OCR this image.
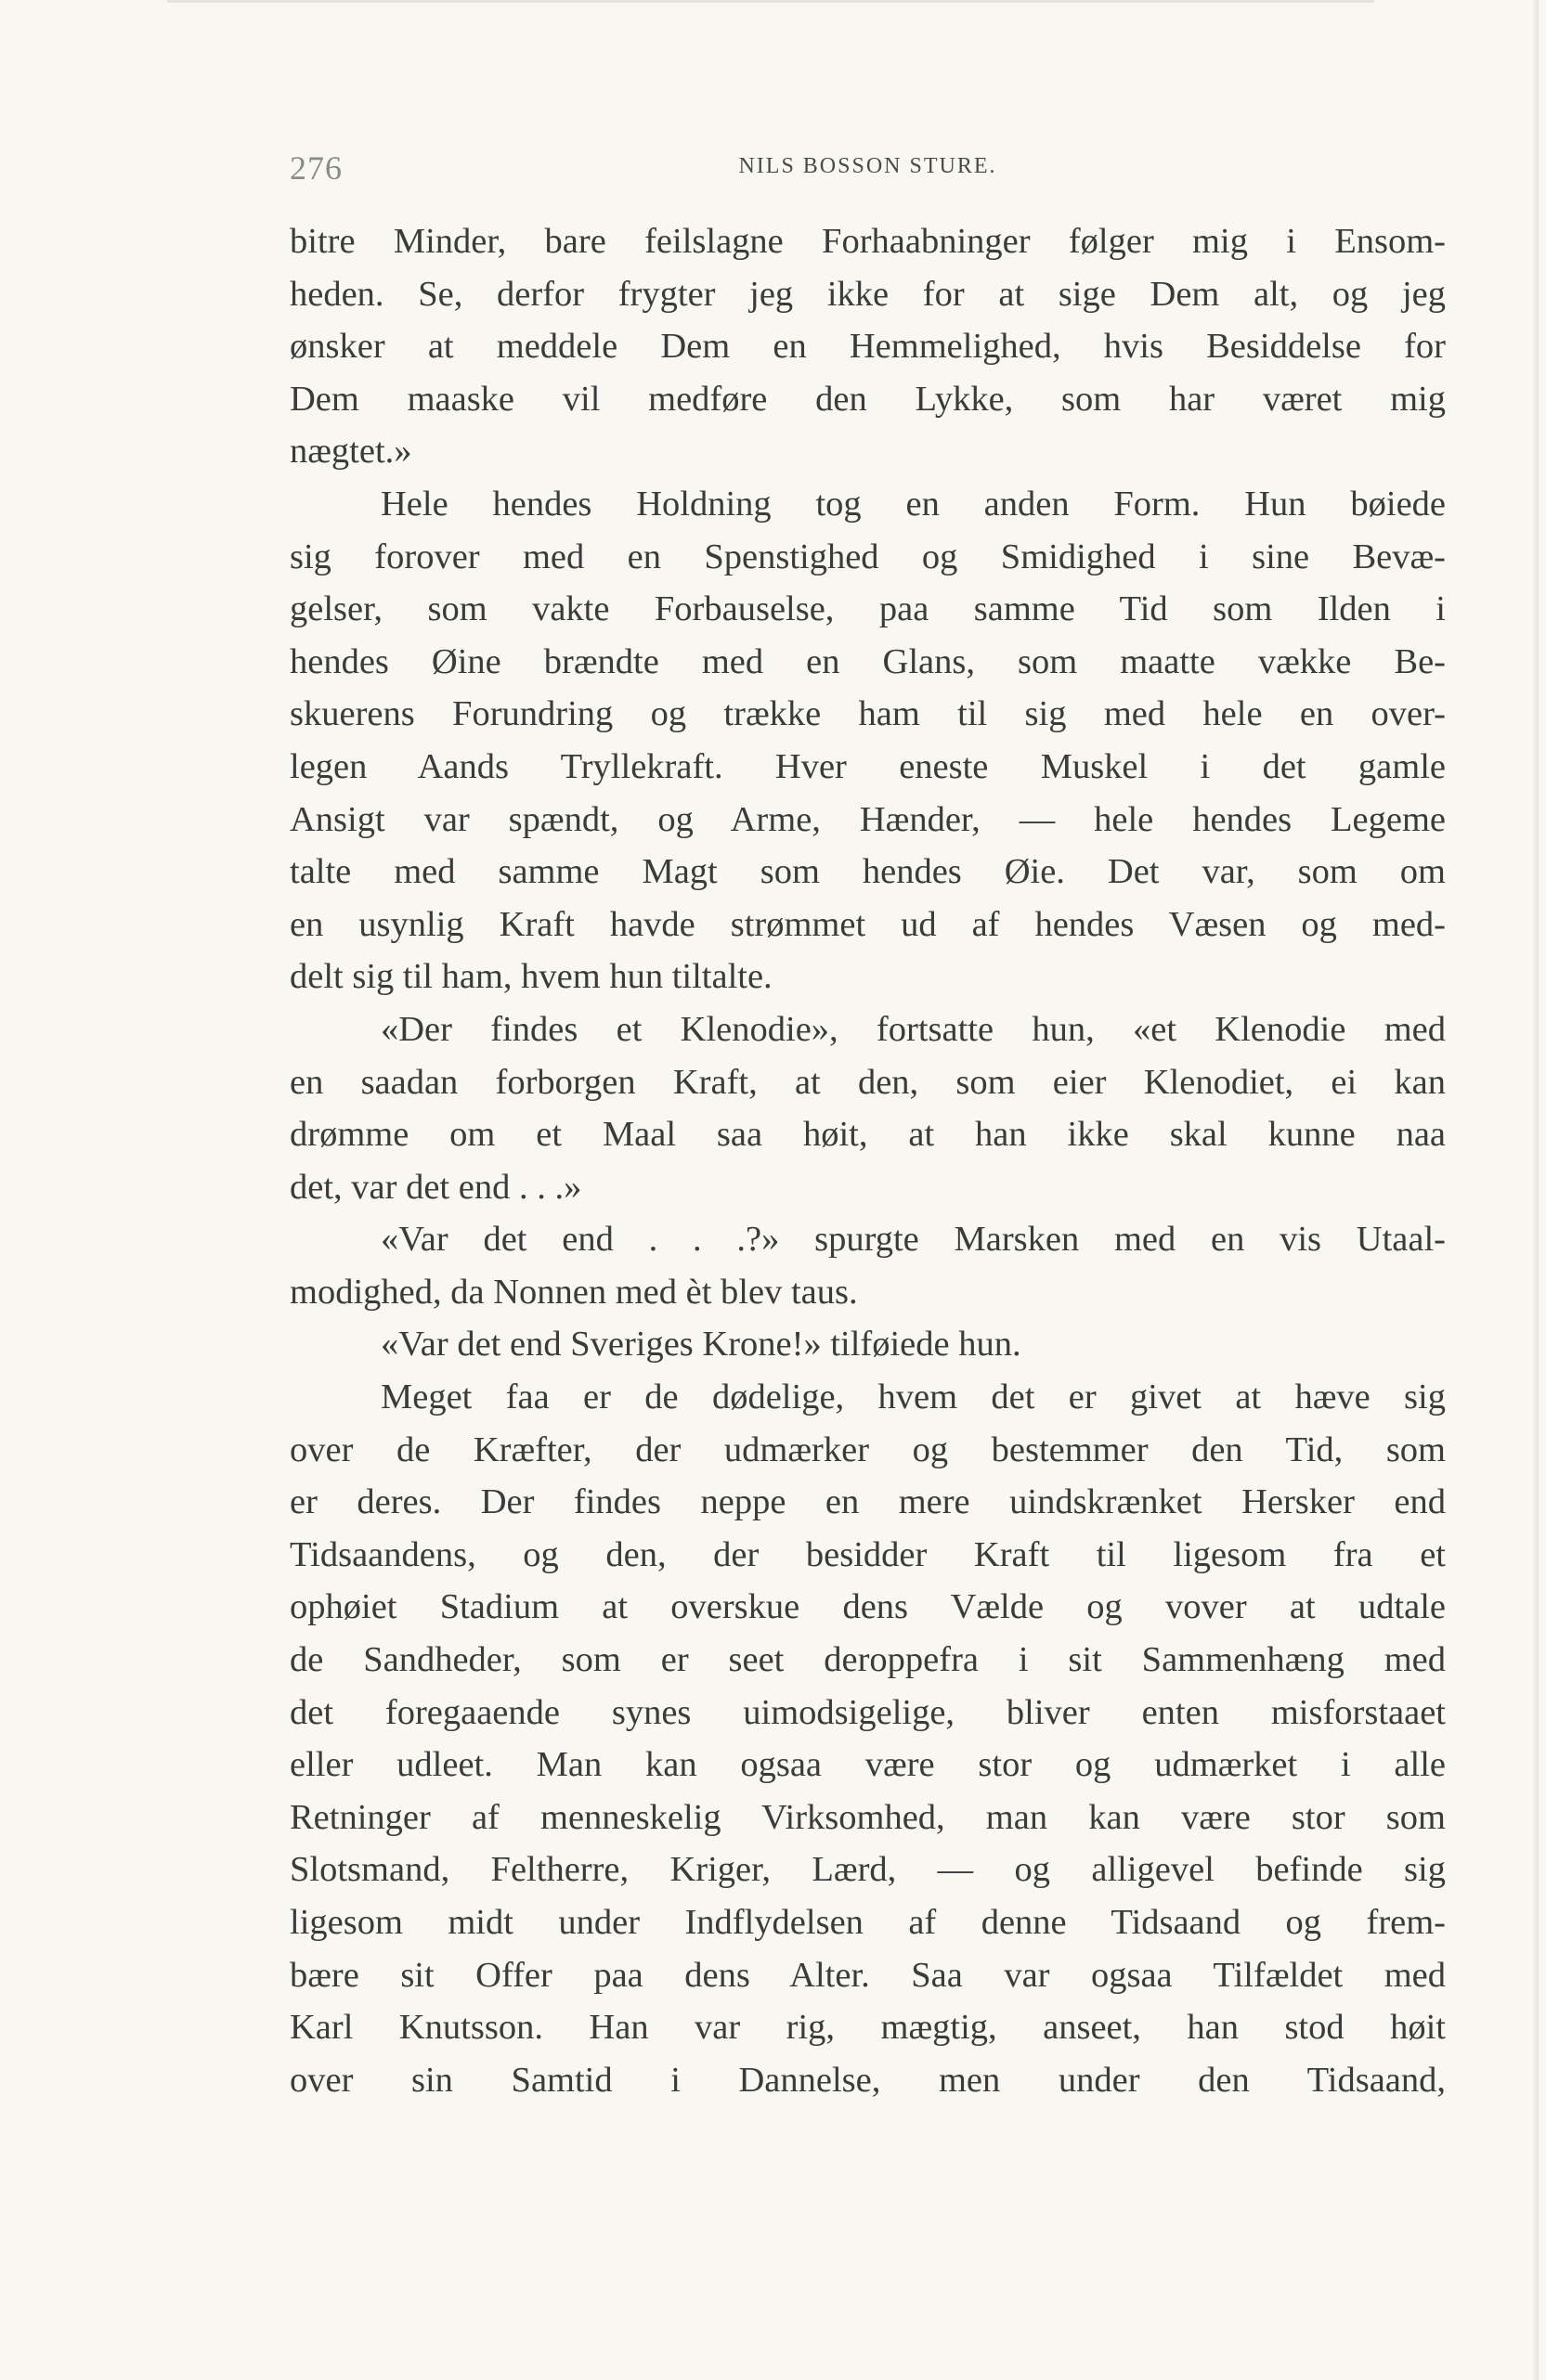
276	NILS BOSSON STURE.
bitre Minder, bare feilslagne Forhaabninger følger mig i Ensom-
heden. Se, derfor frygter jeg ikke for at sige Dem alt, og jeg
ønsker at meddele Dem en Hemmelighed, hvis Besiddelse for
Dem maaske vil medføre den Lykke, som har været mig
nægtet.»
Hele hendes Holdning tog en anden Form. Hun bøiede
sig forover med en Spenstighed og Smidighed i sine Bevæ-
gelser, som vakte Forbauselse, paa samme Tid som Ilden i
hendes Øine brændte med en Glans, som maatte vække Be-
skuerens Forundring og trække ham til sig med hele en over-
legen Aands Tryllekraft. Hver eneste Muskel i det gamle
Ansigt var spændt, og Arme, Hænder, — hele hendes Legeme
talte med samme Magt som hendes Øie. Det var, som om
en usynlig Kraft havde strømmet ud af hendes Væsen og med-
delt sig til ham, hvem hun tiltalte.
«Der findes et Klenodie», fortsatte hun, «et Klenodie med
en saadan forborgen Kraft, at den, som eier Klenodiet, ei kan
drømme om et Maal saa høit, at han ikke skal kunne naa
det, var det end . . .»
«Var det end . . .?» spurgte Marsken med en vis Utaal-
modighed, da Nonnen med èt blev taus.
«Var det end Sveriges Krone!» tilføiede hun.
Meget faa er de dødelige, hvem det er givet at hæve sig
over de Kræfter, der udmærker og bestemmer den Tid, som
er deres. Der findes neppe en mere uindskrænket Hersker end
Tidsaandens, og den, der besidder Kraft til ligesom fra et
ophøiet Stadium at overskue dens Vælde og vover at udtale
de Sandheder, som er seet deroppefra i sit Sammenhæng med
det foregaaende synes uimodsigelige, bliver enten misforstaaet
eller udleet. Man kan ogsaa være stor og udmærket i alle
Retninger af menneskelig Virksomhed, man kan være stor som
Slotsmand, Feltherre, Kriger, Lærd, — og alligevel befinde sig
ligesom midt under Indflydelsen af denne Tidsaand og frem-
bære sit Offer paa dens Alter. Saa var ogsaa Tilfældet med
Karl Knutsson. Han var rig, mægtig, anseet, han stod høit
over sin Samtid i Dannelse, men under den Tidsaand,
